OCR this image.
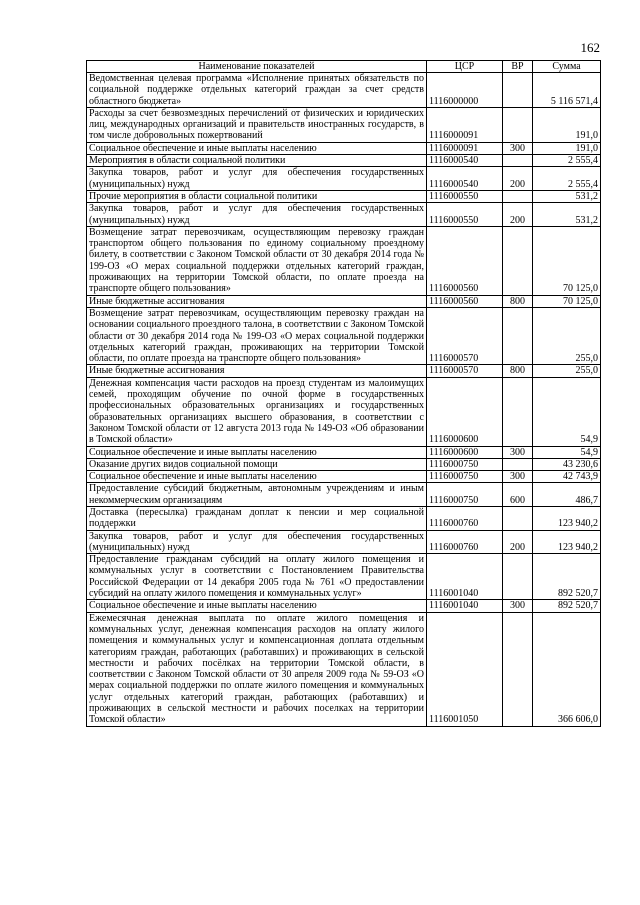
162
Наименование показателей	ЦСР	ВР	Сумма
Ведомственная целевая программа «Исполнение принятых обязательств по социальной поддержке отдельных категорий граждан за счет средств областного бюджета»	1116000000		5 116 571,4
Расходы за счет безвозмездных перечислений от физических и юридических лиц, международных организаций и правительств иностранных государств, в том числе добровольных пожертвований	1116000091		191,0
Социальное обеспечение и иные выплаты населению	1116000091	300	191,0
Мероприятия в области социальной политики	1116000540		2 555,4
Закупка товаров, работ и услуг для обеспечения государственных (муниципальных) нужд	1116000540	200	2 555,4
Прочие мероприятия в области социальной политики	1116000550		531,2
Закупка товаров, работ и услуг для обеспечения государственных (муниципальных) нужд	1116000550	200	531,2
Возмещение затрат перевозчикам, осуществляющим перевозку граждан транспортом общего пользования по единому социальному проездному билету, в соответствии с Законом Томской области от 30 декабря 2014 года № 199-ОЗ «О мерах социальной поддержки отдельных категорий граждан, проживающих на территории Томской области, по оплате проезда на транспорте общего пользования»	1116000560		70 125,0
Иные бюджетные ассигнования	1116000560	800	70 125,0
Возмещение затрат перевозчикам, осуществляющим перевозку граждан на основании социального проездного талона, в соответствии с Законом Томской области от 30 декабря 2014 года № 199-ОЗ «О мерах социальной поддержки отдельных категорий граждан, проживающих на территории Томской области, по оплате проезда на транспорте общего пользования»	1116000570		255,0
Иные бюджетные ассигнования	1116000570	800	255,0
Денежная компенсация части расходов на проезд студентам из малоимущих семей, проходящим обучение по очной форме в государственных профессиональных образовательных организациях и государственных образовательных организациях высшего образования, в соответствии с Законом Томской области от 12 августа 2013 года № 149-ОЗ «Об образовании в Томской области»	1116000600		54,9
Социальное обеспечение и иные выплаты населению	1116000600	300	54,9
Оказание других видов социальной помощи	1116000750		43 230,6
Социальное обеспечение и иные выплаты населению	1116000750	300	42 743,9
Предоставление субсидий бюджетным, автономным учреждениям и иным некоммерческим организациям	1116000750	600	486,7
Доставка (пересылка) гражданам доплат к пенсии и мер социальной поддержки	1116000760		123 940,2
Закупка товаров, работ и услуг для обеспечения государственных (муниципальных) нужд	1116000760	200	123 940,2
Предоставление гражданам субсидий на оплату жилого помещения и коммунальных услуг в соответствии с Постановлением Правительства Российской Федерации от 14 декабря 2005 года № 761 «О предоставлении субсидий на оплату жилого помещения и коммунальных услуг»	1116001040		892 520,7
Социальное обеспечение и иные выплаты населению	1116001040	300	892 520,7
Ежемесячная денежная выплата по оплате жилого помещения и коммунальных услуг, денежная компенсация расходов на оплату жилого помещения и коммунальных услуг и компенсационная доплата отдельным категориям граждан, работающих (работавших) и проживающих в сельской местности и рабочих посёлках на территории Томской области, в соответствии с Законом Томской области от 30 апреля 2009 года № 59-ОЗ «О мерах социальной поддержки по оплате жилого помещения и коммунальных услуг отдельных категорий граждан, работающих (работавших) и проживающих в сельской местности и рабочих поселках на территории Томской области»	1116001050		366 606,0
